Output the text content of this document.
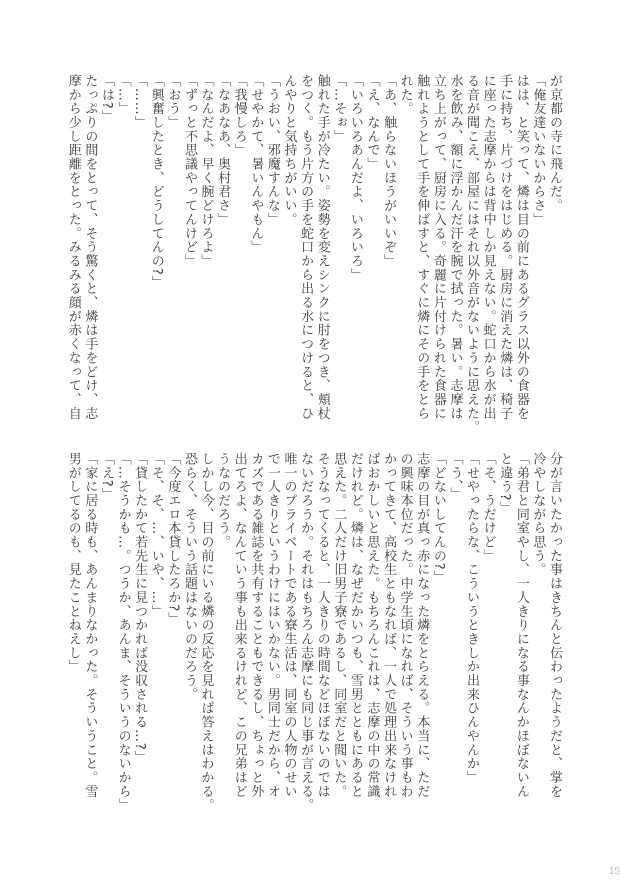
が京都の寺に飛んだ。
「俺友達いないからさ」
はは、と笑って、燐は目の前にあるグラス以外の食器を
手に持ち、片づけをはじめる。厨房に消えた燐は、椅子
に座った志摩からは背中しか見えない。蛇口から水が出
る音が聞こえ、部屋にはそれ以外音がないように思えた。
水を飲み、額に浮かんだ汗を腕で拭った。暑い。志摩は
立ち上がって、厨房に入る。奇麗に片付けられた食器に
触れようとして手を伸ばすと、すぐに燐にその手をとら
れた。
「あ、触らないほうがいいぞ」
「え、なんで」
「いろいろあんだよ、いろいろ」
「…そぉ」
触れた手が冷たい。姿勢を変えシンクに肘をつき、頬杖
をつく。もう片方の手を蛇口から出る水につけると、ひ
んやりと気持ちがいい。
「うおい、邪魔すんな」
「せやかて、暑いんやもん」
「我慢しろ」
「なあなあ、奥村君さ」
「なんだよ、早く腕どけろよ」
「ずっと不思議やってんけど」
「おう」
「興奮したとき、どうしてんの?」
「……」
「…」
「は?」
たっぷりの間をとって、そう驚くと、燐は手をどけ、志
摩から少し距離をとった。みるみる顔が赤くなって、自
分が言いたかった事はきちんと伝わったようだと、掌を
冷やしながら思う。
「弟君と同室やし、一人きりになる事なんかほぼないん
と違う?」
「そ、うだけど」
「せやったらな、こういうときしか出来ひんやんか」
「う、」
「どないしてんの?」
志摩の目が真っ赤になった燐をとらえる。本当に、ただ
の興味本位だった。中学生頃になれば、そういう事もわ
かってきて、高校生ともなれば、一人で処理出来なけれ
ばおかしいと思えた。もちろんこれは、志摩の中の常識
だけれど。燐は、なぜだかいつも、雪男とともにあると
思えた。二人だけ旧男子寮であるし、同室だと聞いた。
そうなってくると、一人きりの時間などほぼないのでは
ないだろうか。それはもちろん志摩にも同じ事が言える。
唯一のプライベートである寮生活は、同室の人物のせい
で一人きりというわけにはいかない。男同士だから、オ
カズである雑誌を共有することもできるし、ちょっと外
出てろよ、なんていう事も出来るけれど、この兄弟はど
うなのだろう。
しかし今、目の前にいる燐の反応を見れば答えはわかる。
恐らく、そういう話題はないのだろう。
「今度エロ本貸したろか?」
「そ、そ、…、いや、…」
「貸したかて若先生に見つかれば没収される…?」
「…そうかも…。つうか、あんま、そういうのないから」
「え?」
「家に居る時も、あんまりなかった。そういうこと。雪
男がしてるのも、見たことねえし」
15
